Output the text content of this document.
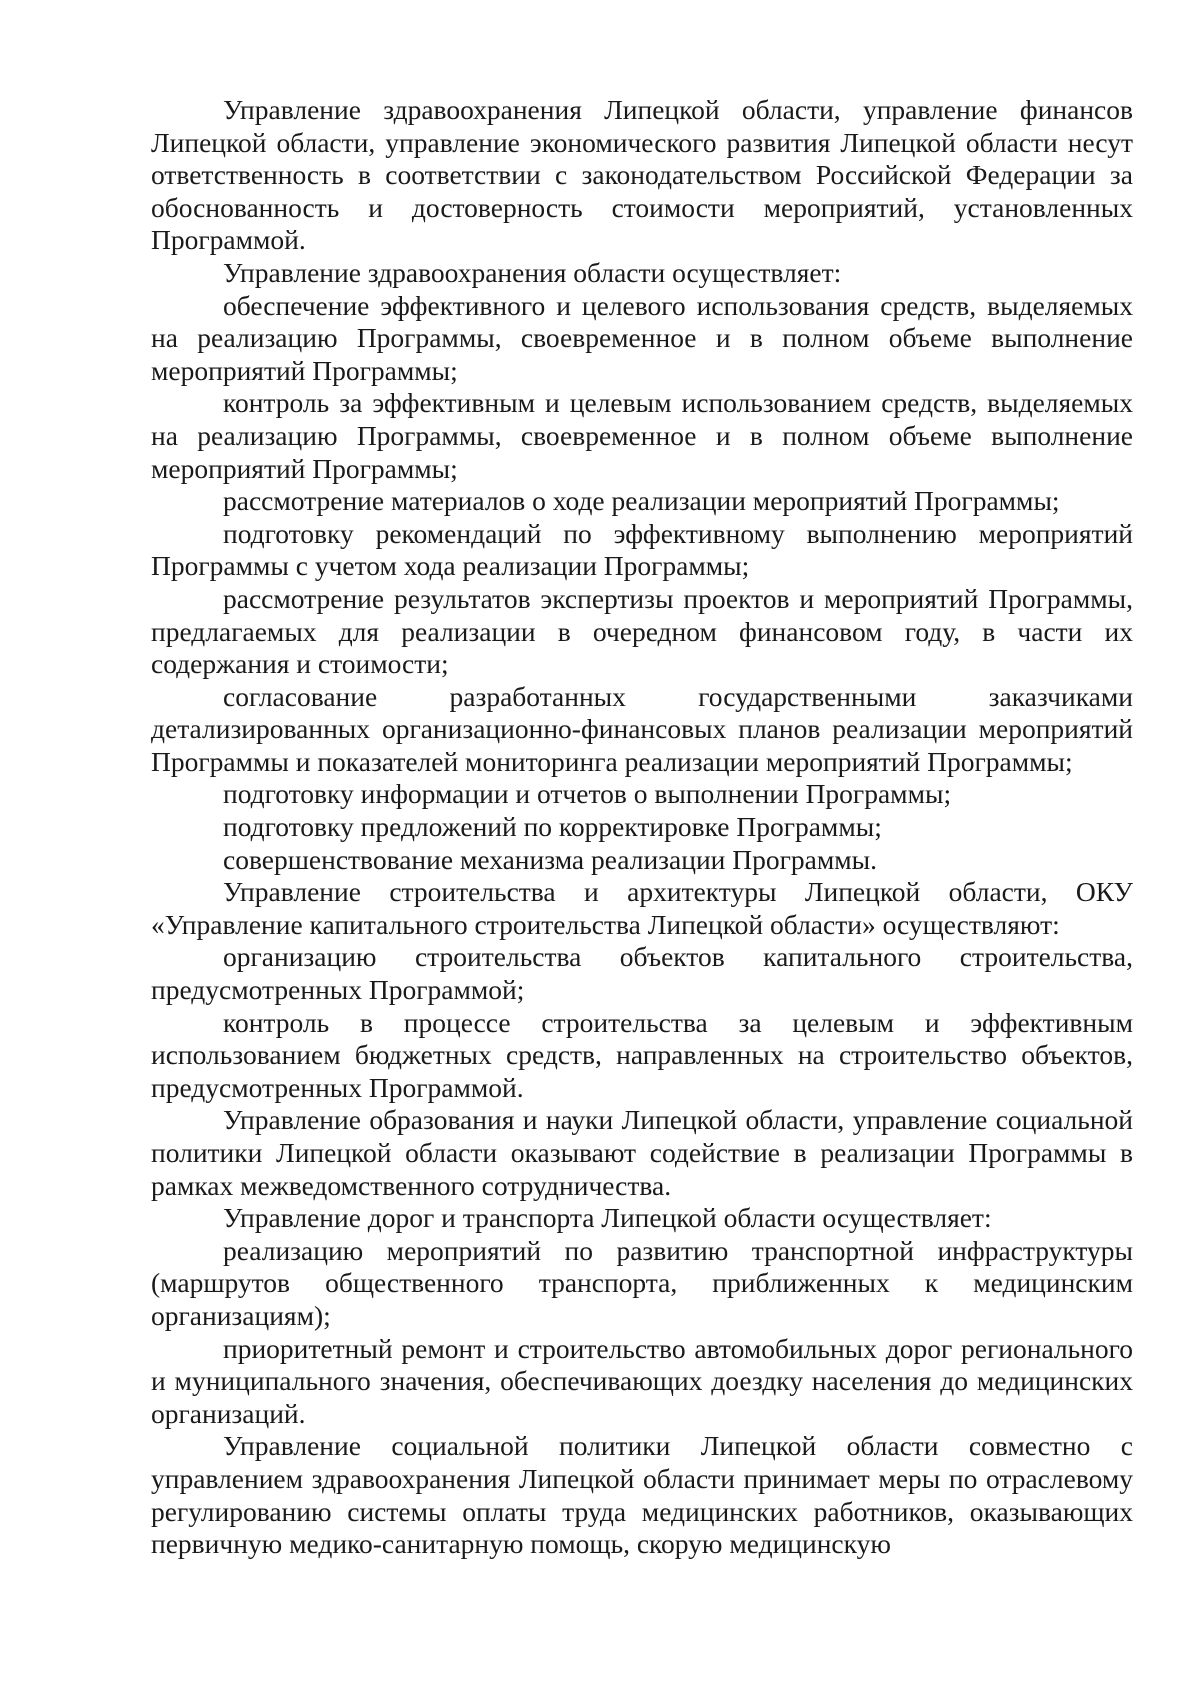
Управление здравоохранения Липецкой области, управление финансов Липецкой области, управление экономического развития Липецкой области несут ответственность в соответствии с законодательством Российской Федерации за обоснованность и достоверность стоимости мероприятий, установленных Программой.

Управление здравоохранения области осуществляет:

обеспечение эффективного и целевого использования средств, выделяемых на реализацию Программы, своевременное и в полном объеме выполнение мероприятий Программы;

контроль за эффективным и целевым использованием средств, выделяемых на реализацию Программы, своевременное и в полном объеме выполнение мероприятий Программы;

рассмотрение материалов о ходе реализации мероприятий Программы;

подготовку рекомендаций по эффективному выполнению мероприятий Программы с учетом хода реализации Программы;

рассмотрение результатов экспертизы проектов и мероприятий Программы, предлагаемых для реализации в очередном финансовом году, в части их содержания и стоимости;

согласование разработанных государственными заказчиками детализированных организационно-финансовых планов реализации мероприятий Программы и показателей мониторинга реализации мероприятий Программы;

подготовку информации и отчетов о выполнении Программы;

подготовку предложений по корректировке Программы;

совершенствование механизма реализации Программы.

Управление строительства и архитектуры Липецкой области, ОКУ «Управление капитального строительства Липецкой области» осуществляют:

организацию строительства объектов капитального строительства, предусмотренных Программой;

контроль в процессе строительства за целевым и эффективным использованием бюджетных средств, направленных на строительство объектов, предусмотренных Программой.

Управление образования и науки Липецкой области, управление социальной политики Липецкой области оказывают содействие в реализации Программы в рамках межведомственного сотрудничества.

Управление дорог и транспорта Липецкой области осуществляет:

реализацию мероприятий по развитию транспортной инфраструктуры (маршрутов общественного транспорта, приближенных к медицинским организациям);

приоритетный ремонт и строительство автомобильных дорог регионального и муниципального значения, обеспечивающих доездку населения до медицинских организаций.

Управление социальной политики Липецкой области совместно с управлением здравоохранения Липецкой области принимает меры по отраслевому регулированию системы оплаты труда медицинских работников, оказывающих первичную медико-санитарную помощь, скорую медицинскую
